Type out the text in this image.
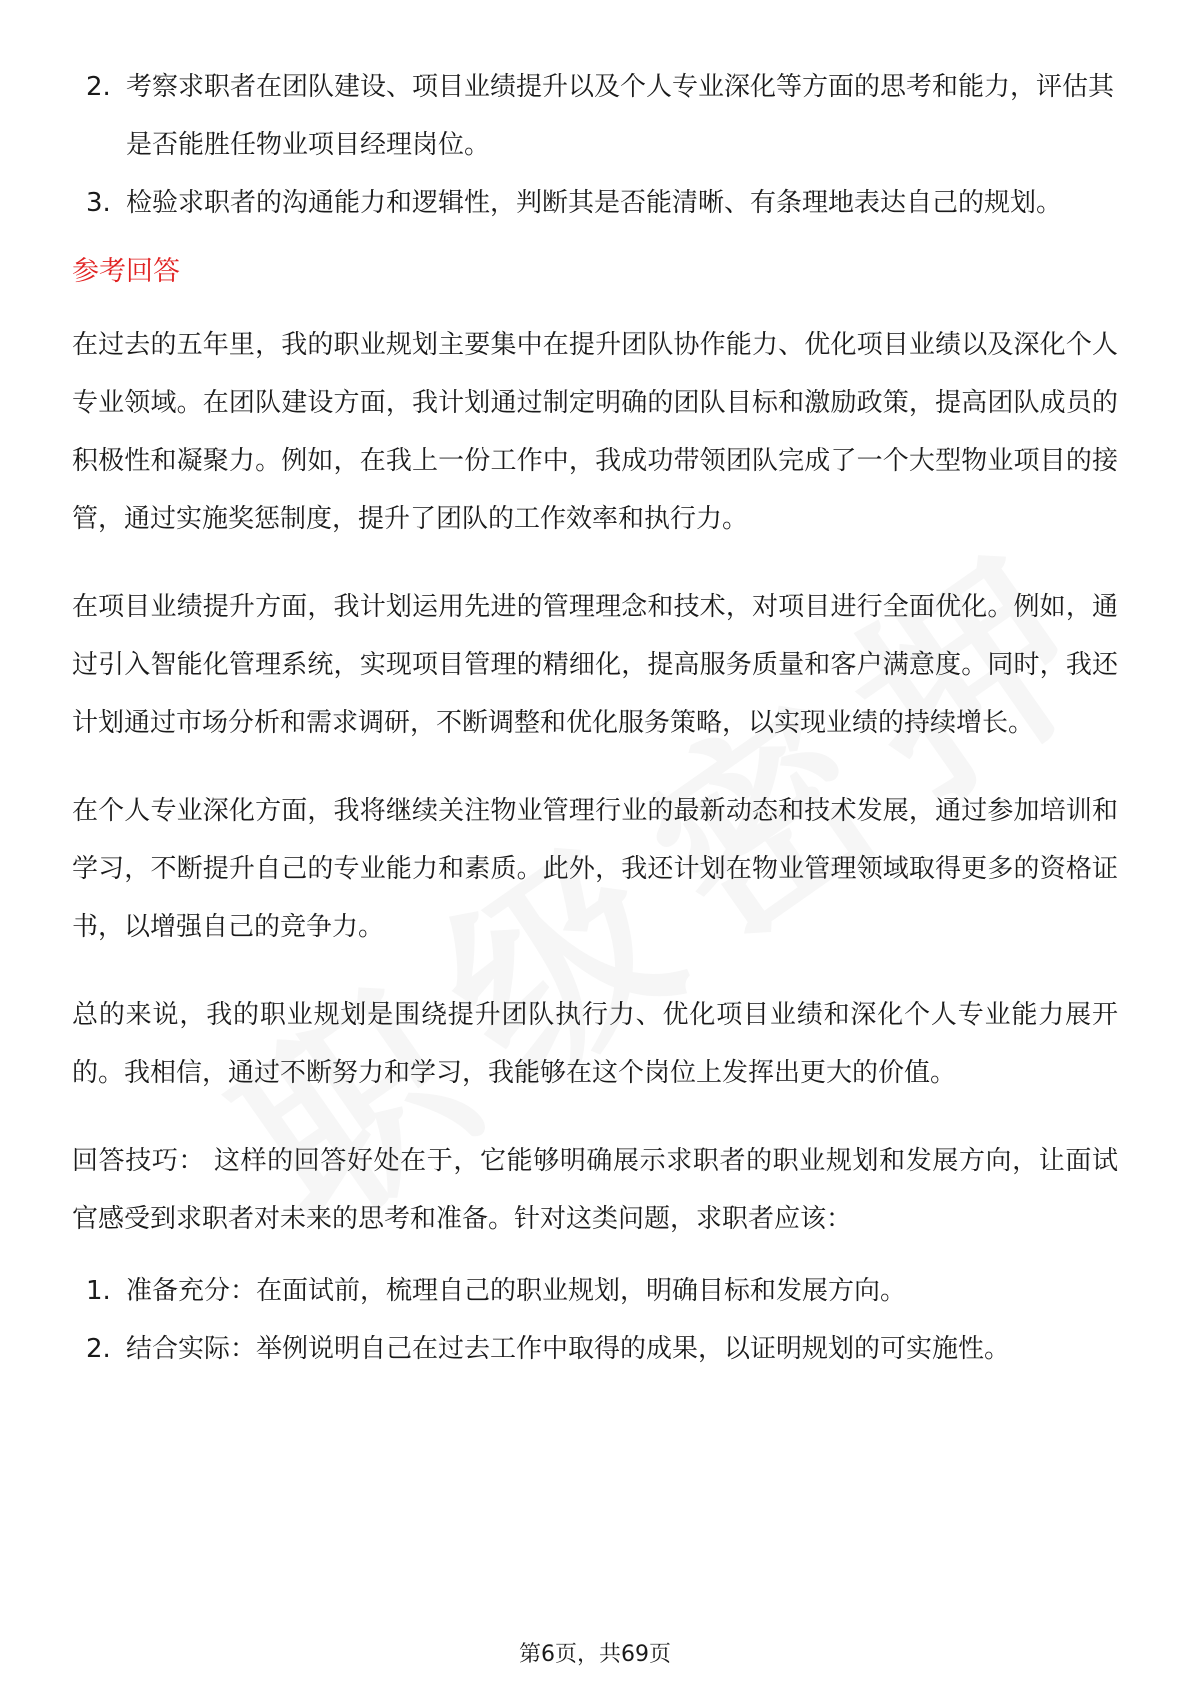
2. 考察求职者在团队建设、项目业绩提升以及个人专业深化等方面的思考和能力，评估其是否能胜任物业项目经理岗位。
3. 检验求职者的沟通能力和逻辑性，判断其是否能清晰、有条理地表达自己的规划。
参考回答

在过去的五年里，我的职业规划主要集中在提升团队协作能力、优化项目业绩以及深化个人专业领域。在团队建设方面，我计划通过制定明确的团队目标和激励政策，提高团队成员的积极性和凝聚力。例如，在我上一份工作中，我成功带领团队完成了一个大型物业项目的接管，通过实施奖惩制度，提升了团队的工作效率和执行力。

在项目业绩提升方面，我计划运用先进的管理理念和技术，对项目进行全面优化。例如，通过引入智能化管理系统，实现项目管理的精细化，提高服务质量和客户满意度。同时，我还计划通过市场分析和需求调研，不断调整和优化服务策略，以实现业绩的持续增长。

在个人专业深化方面，我将继续关注物业管理行业的最新动态和技术发展，通过参加培训和学习，不断提升自己的专业能力和素质。此外，我还计划在物业管理领域取得更多的资格证书，以增强自己的竞争力。

总的来说，我的职业规划是围绕提升团队执行力、优化项目业绩和深化个人专业能力展开的。我相信，通过不断努力和学习，我能够在这个岗位上发挥出更大的价值。

回答技巧： 这样的回答好处在于，它能够明确展示求职者的职业规划和发展方向，让面试官感受到求职者对未来的思考和准备。针对这类问题，求职者应该：

1. 准备充分：在面试前，梳理自己的职业规划，明确目标和发展方向。
2. 结合实际：举例说明自己在过去工作中取得的成果，以证明规划的可实施性。
第6页，共69页
